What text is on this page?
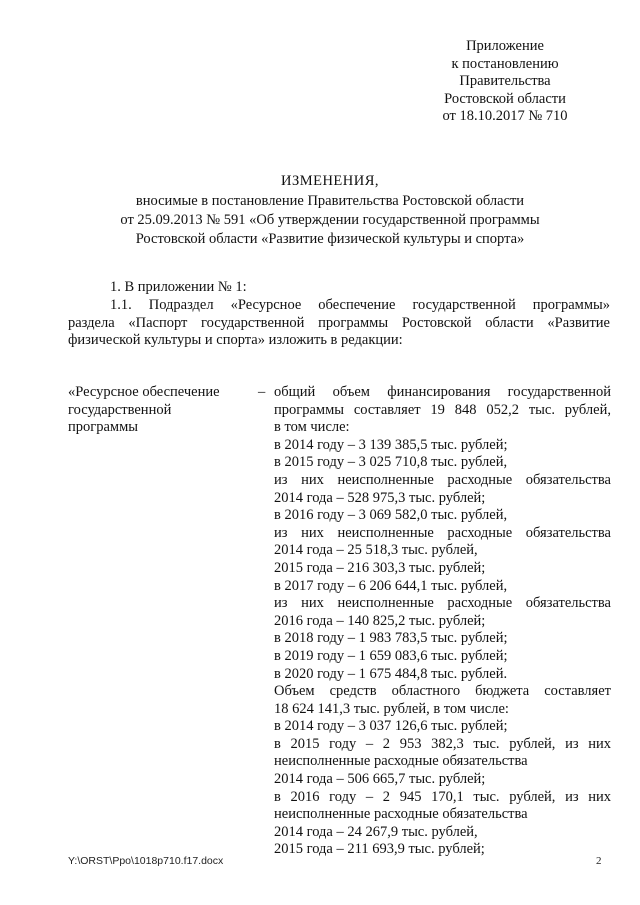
Приложение
к постановлению
Правительства
Ростовской области
от 18.10.2017 № 710
ИЗМЕНЕНИЯ,
вносимые в постановление Правительства Ростовской области
от 25.09.2013 № 591 «Об утверждении государственной программы
Ростовской области «Развитие физической культуры и спорта»
1. В приложении № 1:
1.1. Подраздел «Ресурсное обеспечение государственной программы»
раздела «Паспорт государственной программы Ростовской области «Развитие
физической культуры и спорта» изложить в редакции:
«Ресурсное обеспечение
государственной
программы
– общий объем финансирования государственной
программы составляет 19 848 052,2 тыс. рублей,
в том числе:
в 2014 году – 3 139 385,5 тыс. рублей;
в 2015 году – 3 025 710,8 тыс. рублей,
из них неисполненные расходные обязательства
2014 года – 528 975,3 тыс. рублей;
в 2016 году – 3 069 582,0 тыс. рублей,
из них неисполненные расходные обязательства
2014 года – 25 518,3 тыс. рублей,
2015 года – 216 303,3 тыс. рублей;
в 2017 году – 6 206 644,1 тыс. рублей,
из них неисполненные расходные обязательства
2016 года – 140 825,2 тыс. рублей;
в 2018 году – 1 983 783,5 тыс. рублей;
в 2019 году – 1 659 083,6 тыс. рублей;
в 2020 году – 1 675 484,8 тыс. рублей.
Объем средств областного бюджета составляет
18 624 141,3 тыс. рублей, в том числе:
в 2014 году – 3 037 126,6 тыс. рублей;
в 2015 году – 2 953 382,3 тыс. рублей, из них
неисполненные расходные обязательства
2014 года – 506 665,7 тыс. рублей;
в 2016 году – 2 945 170,1 тыс. рублей, из них
неисполненные расходные обязательства
2014 года – 24 267,9 тыс. рублей,
2015 года – 211 693,9 тыс. рублей;
Y:\ORST\Ppo\1018p710.f17.docx	2
